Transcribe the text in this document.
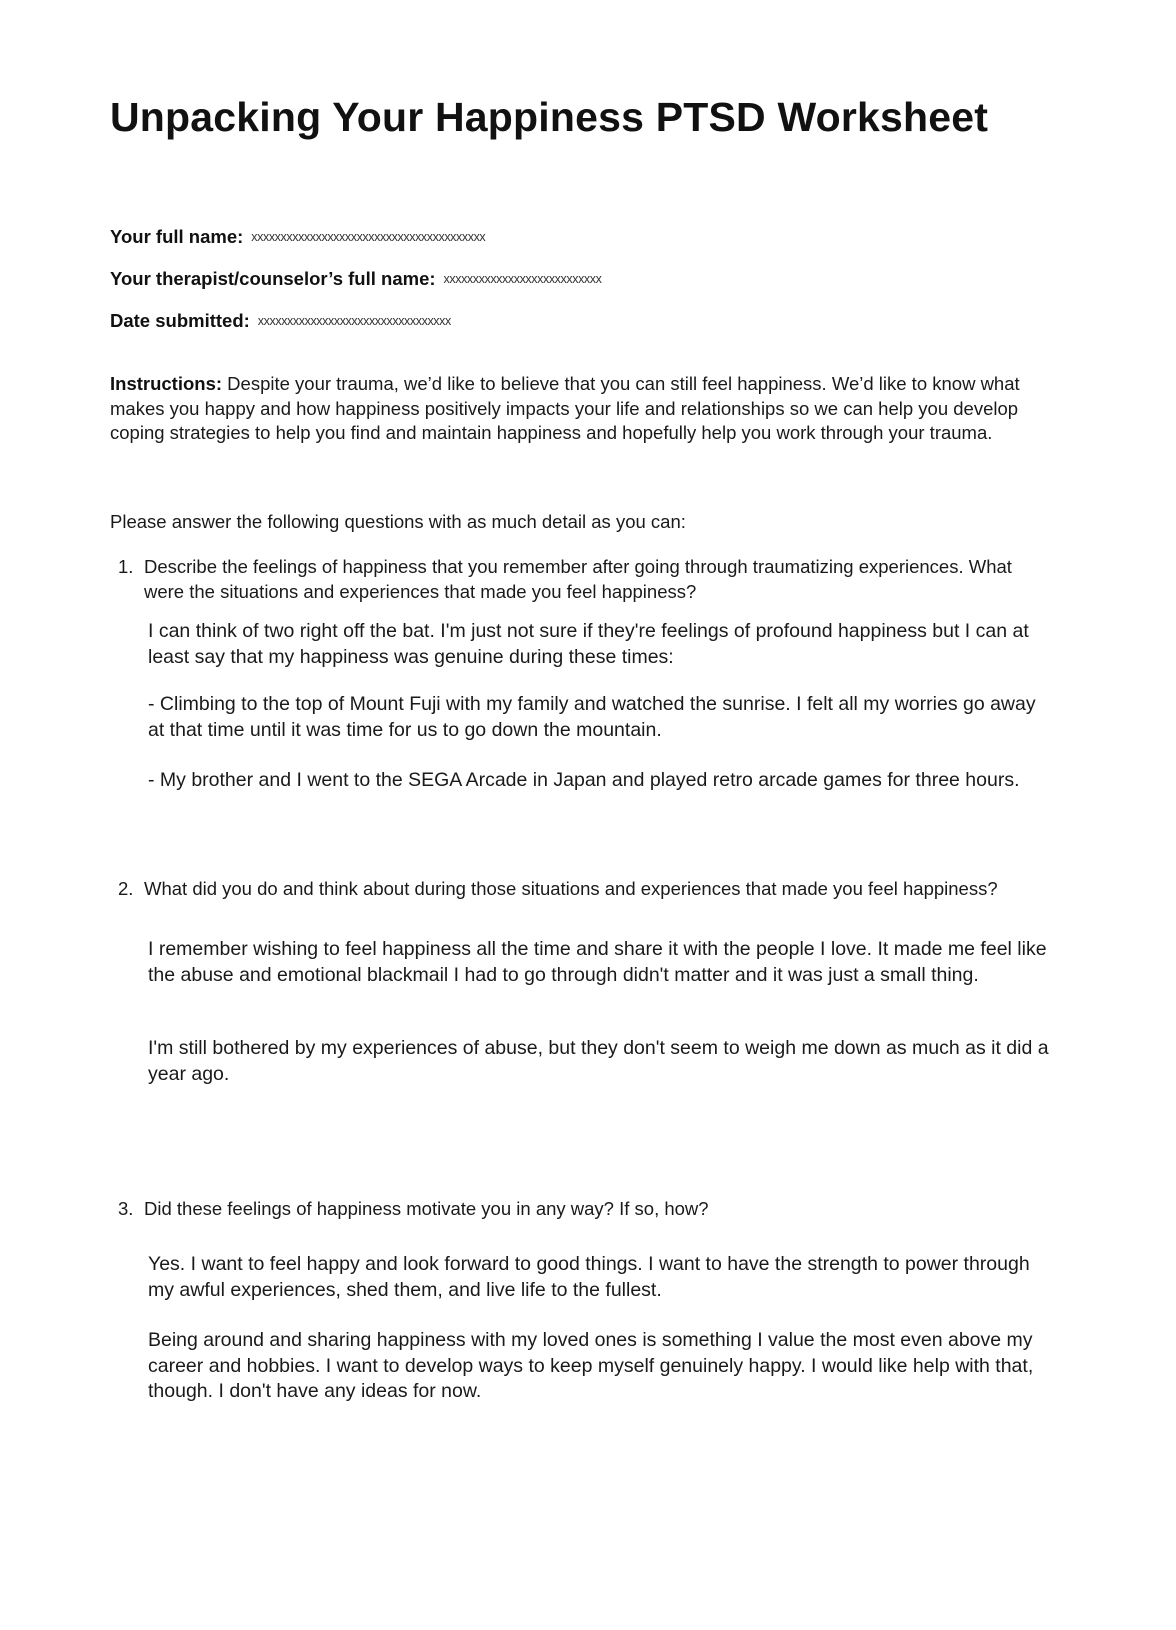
Unpacking Your Happiness PTSD Worksheet
Your full name: xxxxxxxxxxxxxxxxxxxxxxxxxxxxxxxxxxxxxxxx
Your therapist/counselor’s full name: xxxxxxxxxxxxxxxxxxxxxxxxxxx
Date submitted: xxxxxxxxxxxxxxxxxxxxxxxxxxxxxxxxx

Instructions: Despite your trauma, we’d like to believe that you can still feel happiness. We’d like to know what makes you happy and how happiness positively impacts your life and relationships so we can help you develop coping strategies to help you find and maintain happiness and hopefully help you work through your trauma.

Please answer the following questions with as much detail as you can:

1. Describe the feelings of happiness that you remember after going through traumatizing experiences. What were the situations and experiences that made you feel happiness?

I can think of two right off the bat. I'm just not sure if they're feelings of profound happiness but I can at least say that my happiness was genuine during these times:

- Climbing to the top of Mount Fuji with my family and watched the sunrise. I felt all my worries go away at that time until it was time for us to go down the mountain.

- My brother and I went to the SEGA Arcade in Japan and played retro arcade games for three hours.

2. What did you do and think about during those situations and experiences that made you feel happiness?

I remember wishing to feel happiness all the time and share it with the people I love. It made me feel like the abuse and emotional blackmail I had to go through didn't matter and it was just a small thing.

I'm still bothered by my experiences of abuse, but they don't seem to weigh me down as much as it did a year ago.

3. Did these feelings of happiness motivate you in any way? If so, how?

Yes. I want to feel happy and look forward to good things. I want to have the strength to power through my awful experiences, shed them, and live life to the fullest.

Being around and sharing happiness with my loved ones is something I value the most even above my career and hobbies. I want to develop ways to keep myself genuinely happy. I would like help with that, though. I don't have any ideas for now.
